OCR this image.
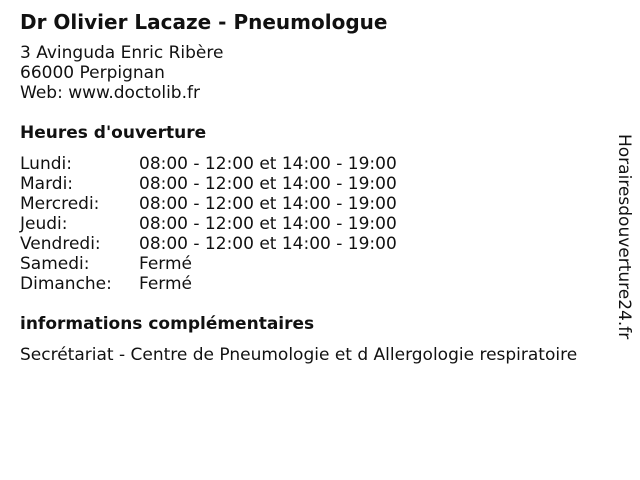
Dr Olivier Lacaze - Pneumologue
3 Avinguda Enric Ribère
66000 Perpignan
Web: www.doctolib.fr
Heures d'ouverture
Lundi:	08:00 - 12:00 et 14:00 - 19:00
Mardi:	08:00 - 12:00 et 14:00 - 19:00
Mercredi:	08:00 - 12:00 et 14:00 - 19:00
Jeudi:	08:00 - 12:00 et 14:00 - 19:00
Vendredi:	08:00 - 12:00 et 14:00 - 19:00
Samedi:	Fermé
Dimanche:	Fermé
informations complémentaires
Secrétariat - Centre de Pneumologie et d Allergologie respiratoire
Horairesdouverture24.fr
